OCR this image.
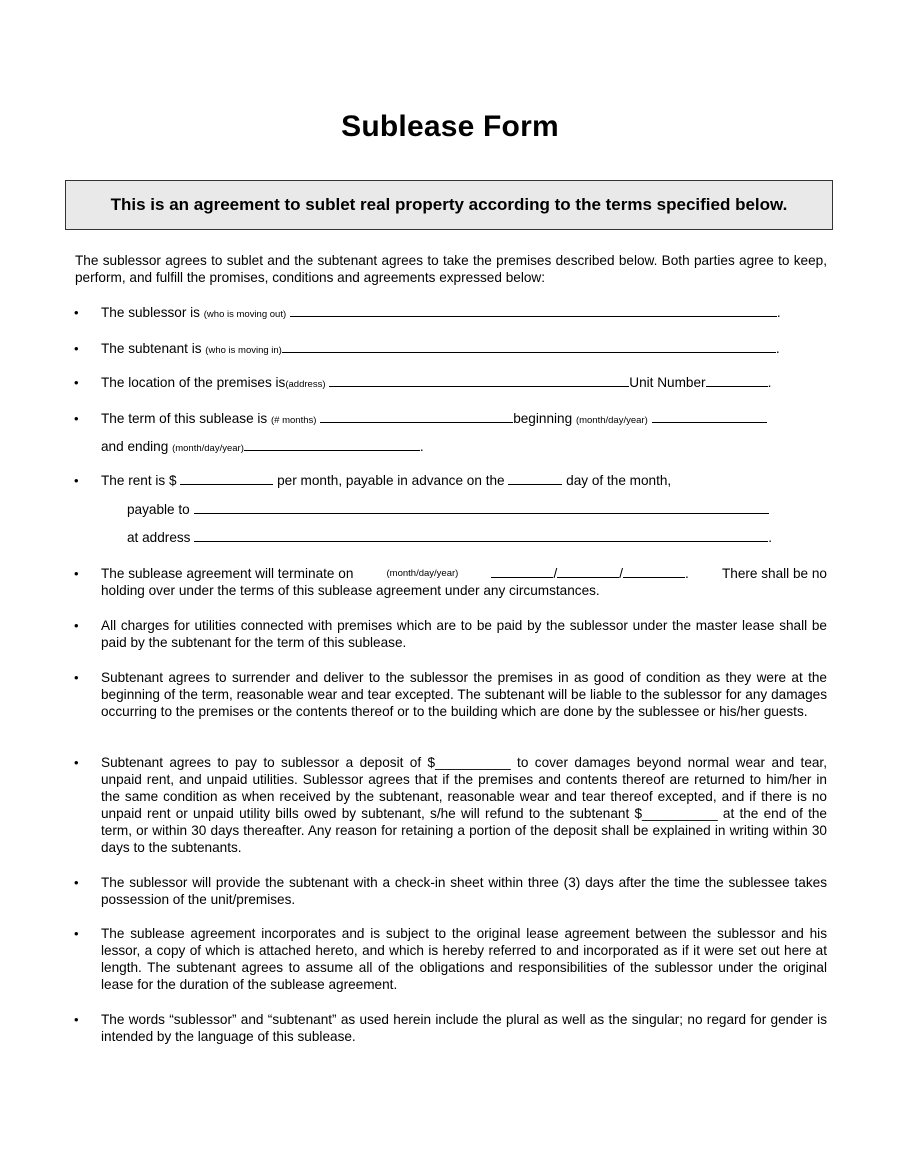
Sublease Form
This is an agreement to sublet real property according to the terms specified below.
The sublessor agrees to sublet and the subtenant agrees to take the premises described below. Both parties agree to keep, perform, and fulfill the promises, conditions and agreements expressed below:
• The sublessor is (who is moving out)	.
• The subtenant is (who is moving in)	.
• The location of the premises is(address)	Unit Number	.
• The term of this sublease is (# months)	beginning (month/day/year)
and ending (month/day/year)	.
• The rent is $	per month, payable in advance on the	day of the month,
payable to
at address	.
• The sublease agreement will terminate on	(month/day/year)	/	/	. There shall be no
holding over under the terms of this sublease agreement under any circumstances.
• All charges for utilities connected with premises which are to be paid by the sublessor under the master lease shall be paid by the subtenant for the term of this sublease.
• Subtenant agrees to surrender and deliver to the sublessor the premises in as good of condition as they were at the beginning of the term, reasonable wear and tear excepted. The subtenant will be liable to the sublessor for any damages occurring to the premises or the contents thereof or to the building which are done by the sublessee or his/her guests.
• Subtenant agrees to pay to sublessor a deposit of $__________ to cover damages beyond normal wear and tear, unpaid rent, and unpaid utilities. Sublessor agrees that if the premises and contents thereof are returned to him/her in the same condition as when received by the subtenant, reasonable wear and tear thereof excepted, and if there is no unpaid rent or unpaid utility bills owed by subtenant, s/he will refund to the subtenant $__________ at the end of the term, or within 30 days thereafter. Any reason for retaining a portion of the deposit shall be explained in writing within 30 days to the subtenants.
• The sublessor will provide the subtenant with a check-in sheet within three (3) days after the time the sublessee takes possession of the unit/premises.
• The sublease agreement incorporates and is subject to the original lease agreement between the sublessor and his lessor, a copy of which is attached hereto, and which is hereby referred to and incorporated as if it were set out here at length. The subtenant agrees to assume all of the obligations and responsibilities of the sublessor under the original lease for the duration of the sublease agreement.
• The words “sublessor” and “subtenant” as used herein include the plural as well as the singular; no regard for gender is intended by the language of this sublease.
